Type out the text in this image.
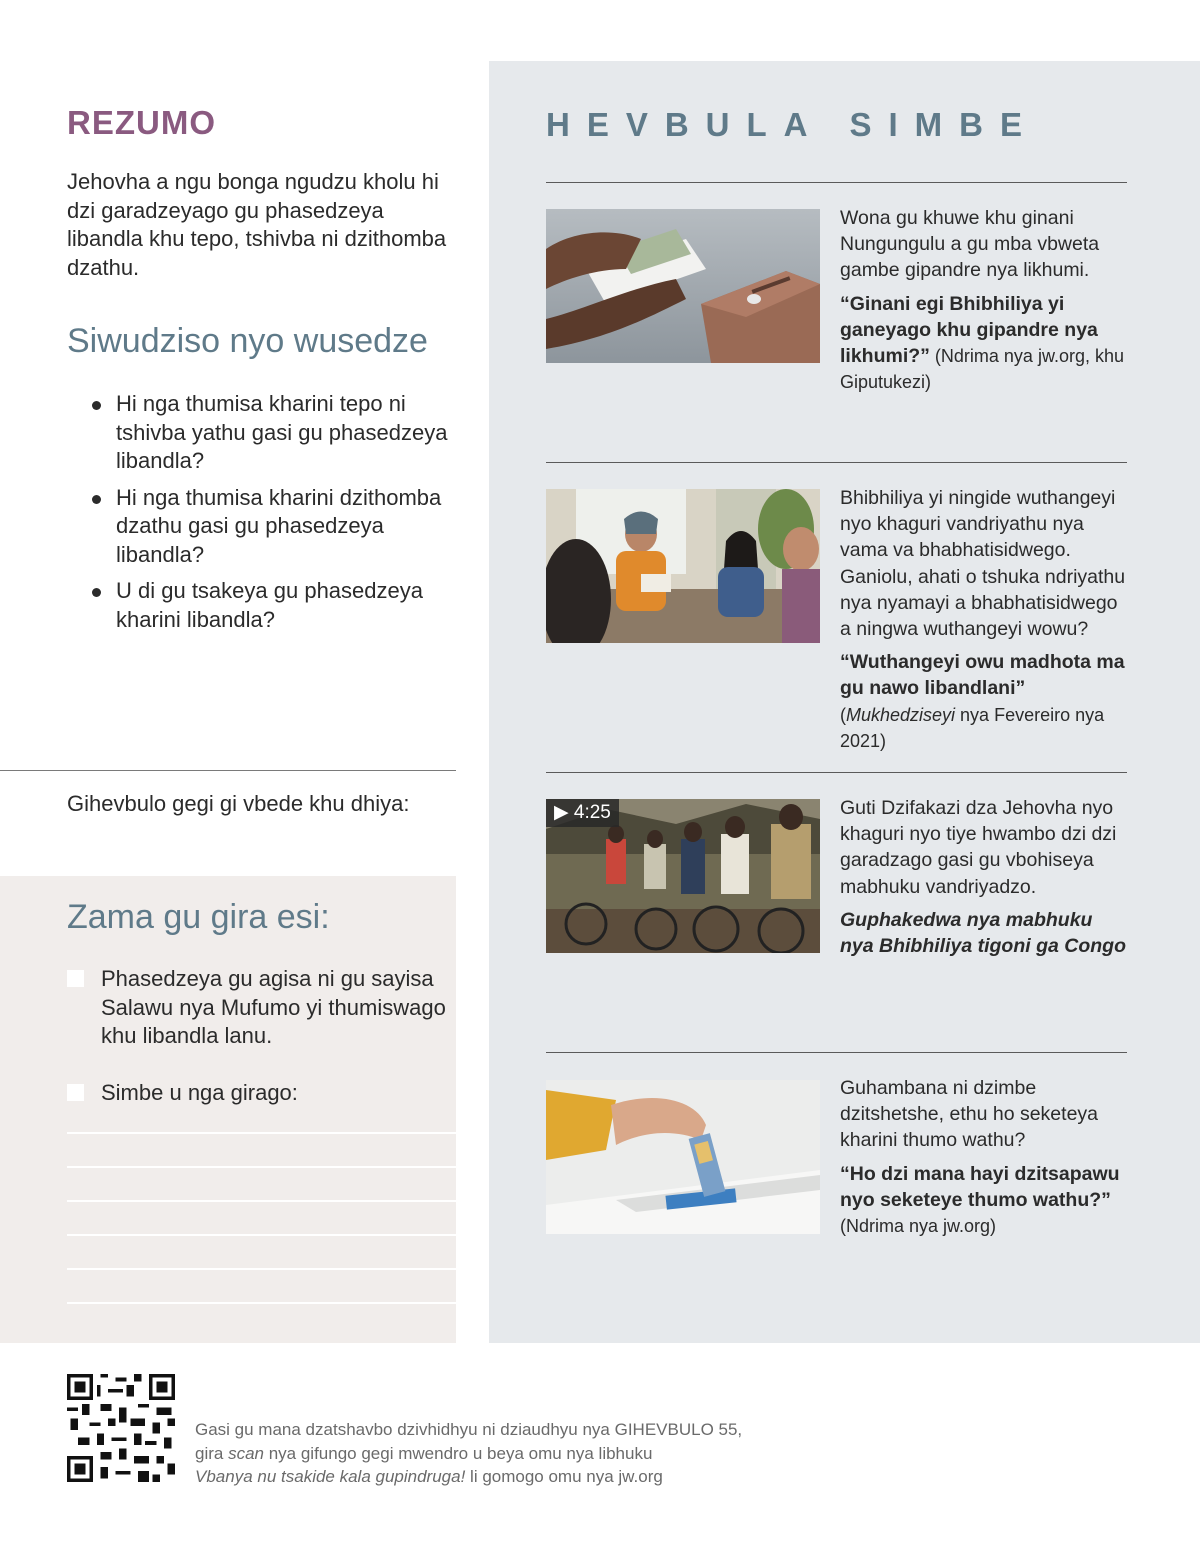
REZUMO

Jehovha a ngu bonga ngudzu kholu hi dzi garadzeyago gu phasedzeya libandla khu tepo, tshivba ni dzithomba dzathu.

Siwudziso nyo wusedze
Hi nga thumisa kharini tepo ni tshivba yathu gasi gu phasedzeya libandla?
Hi nga thumisa kharini dzithomba dzathu gasi gu phasedzeya libandla?
U di gu tsakeya gu phasedzeya kharini libandla?

Gihevbulo gegi gi vbede khu dhiya:

Zama gu gira esi:
Phasedzeya gu agisa ni gu sayisa Salawu nya Mufumo yi thumiswago khu libandla lanu.
Simbe u nga girago:
HEVBULA SIMBE

Wona gu khuwe khu ginani Nungungulu a gu mba vbweta gambe gipandre nya likhumi.

“Ginani egi Bhibhiliya yi ganeyago khu gipandre nya likhumi?” (Ndrima nya jw.org, khu Giputukezi)

Bhibhiliya yi ningide wuthangeyi nyo khaguri vandriyathu nya vama va bhabhatisidwego. Ganiolu, ahati o tshuka ndriyathu nya nyamayi a bhabhatisidwego a ningwa wuthangeyi wowu?

“Wuthangeyi owu madhota ma gu nawo libandlani” (Mukhedziseyi nya Fevereiro nya 2021)

▶ 4:25	Guti Dzifakazi dza Jehovha nyo khaguri nyo tiye hwambo dzi dzi garadzago gasi gu vbohiseya mabhuku vandriyadzo.

Guphakedwa nya mabhuku nya Bhibhiliya tigoni ga Congo

Guhambana ni dzimbe dzitshetshe, ethu ho seketeya kharini thumo wathu?

“Ho dzi mana hayi dzitsapawu nyo seketeye thumo wathu?”
(Ndrima nya jw.org)

Gasi gu mana dzatshavbo dzivhidhyu ni dziaudhyu nya GIHEVBULO 55,
gira scan nya gifungo gegi mwendro u beya omu nya libhuku
Vbanya nu tsakide kala gupindruga! li gomogo omu nya jw.org
